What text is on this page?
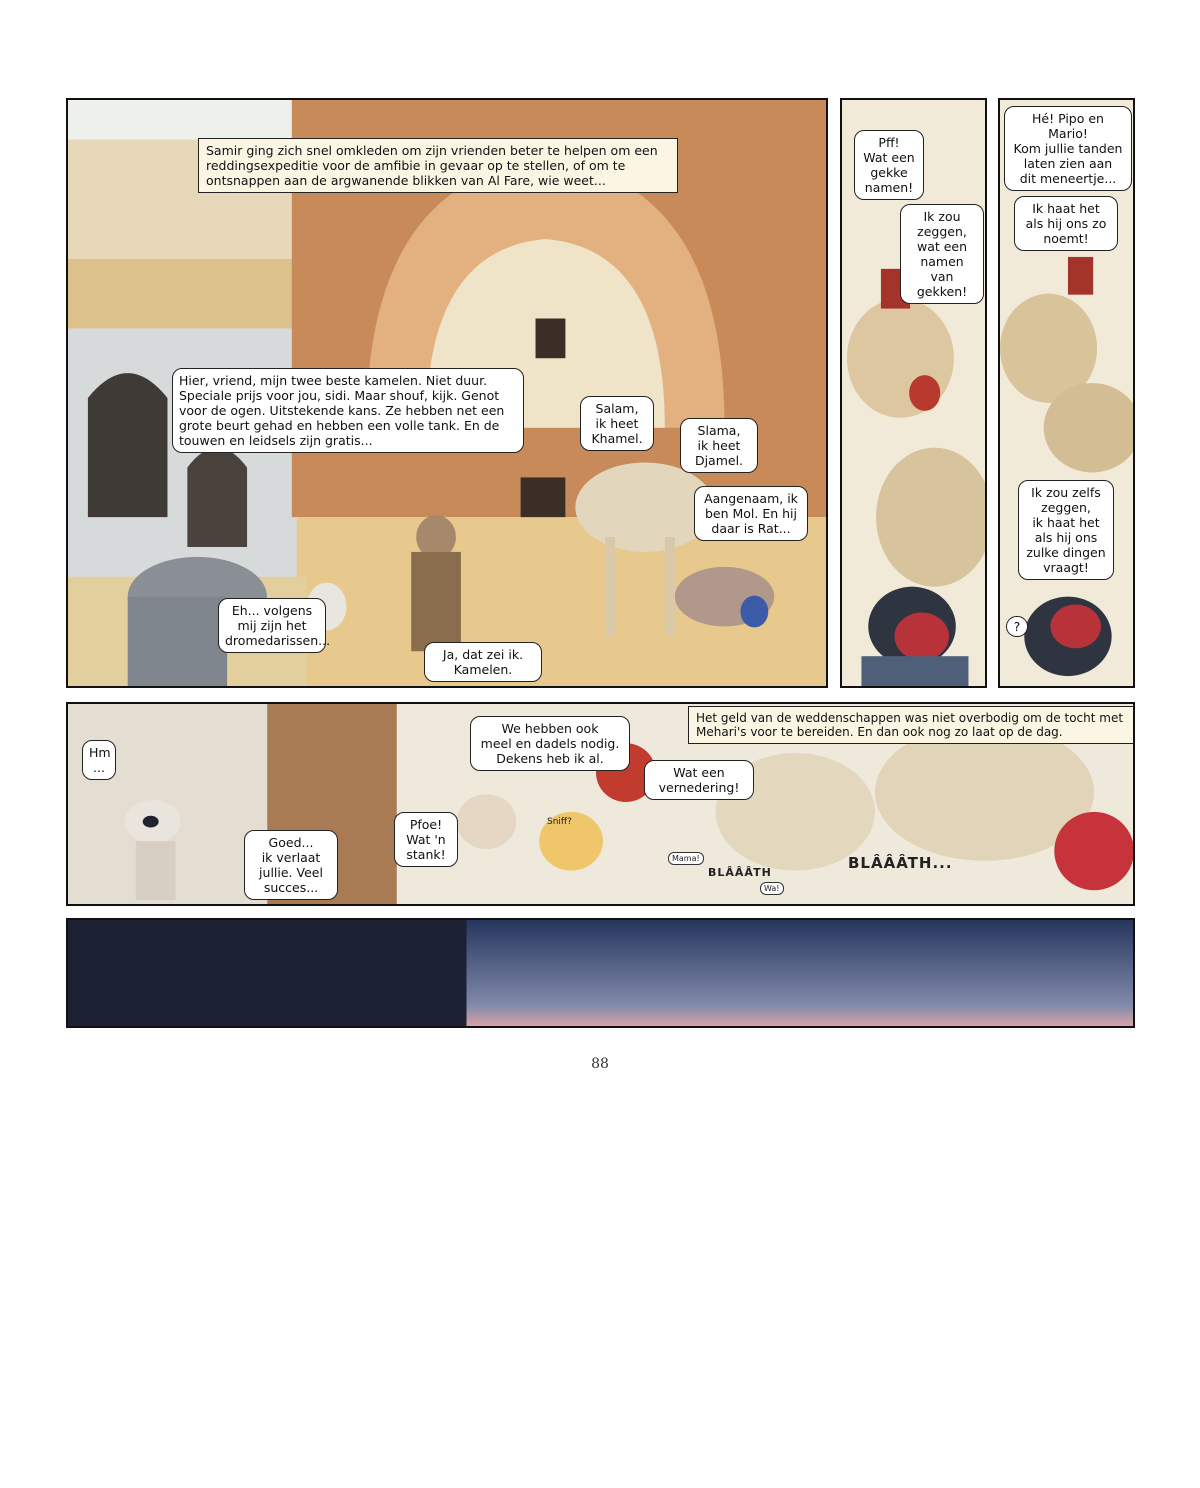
Samir ging zich snel omkleden om zijn vrienden beter te helpen om een reddingsexpeditie voor de amfibie in gevaar op te stellen, of om te ontsnappen aan de argwanende blikken van Al Fare, wie weet...
Hier, vriend, mijn twee beste kamelen. Niet duur. Speciale prijs voor jou, sidi. Maar shouf, kijk. Genot voor de ogen. Uitstekende kans. Ze hebben net een grote beurt gehad en hebben een volle tank. En de touwen en leidsels zijn gratis...
Salam,
ik heet
Khamel.
Slama,
ik heet
Djamel.
Aangenaam, ik
ben Mol. En hij
daar is Rat...
Eh... volgens
mij zijn het
dromedarissen...
Ja, dat zei ik.
Kamelen.
Pff!
Wat een
gekke
namen!
Ik zou
zeggen,
wat een
namen van
gekken!
Hé! Pipo en Mario!
Kom jullie tanden
laten zien aan
dit meneertje...
Ik haat het
als hij ons zo
noemt!
Ik zou zelfs
zeggen,
ik haat het
als hij ons
zulke dingen
vraagt!
?
Het geld van de weddenschappen was niet overbodig om de tocht met Mehari's voor te bereiden. En dan ook nog zo laat op de dag.
Hm
...
Goed...
ik verlaat
jullie. Veel
succes...
We hebben ook
meel en dadels nodig.
Dekens heb ik al.
Pfoe!
Wat 'n
stank!
Wat een
vernedering!
Sniff?
Mama!
Wa!
BLÂÂÂTH
BLÂÂÂTH...
88
